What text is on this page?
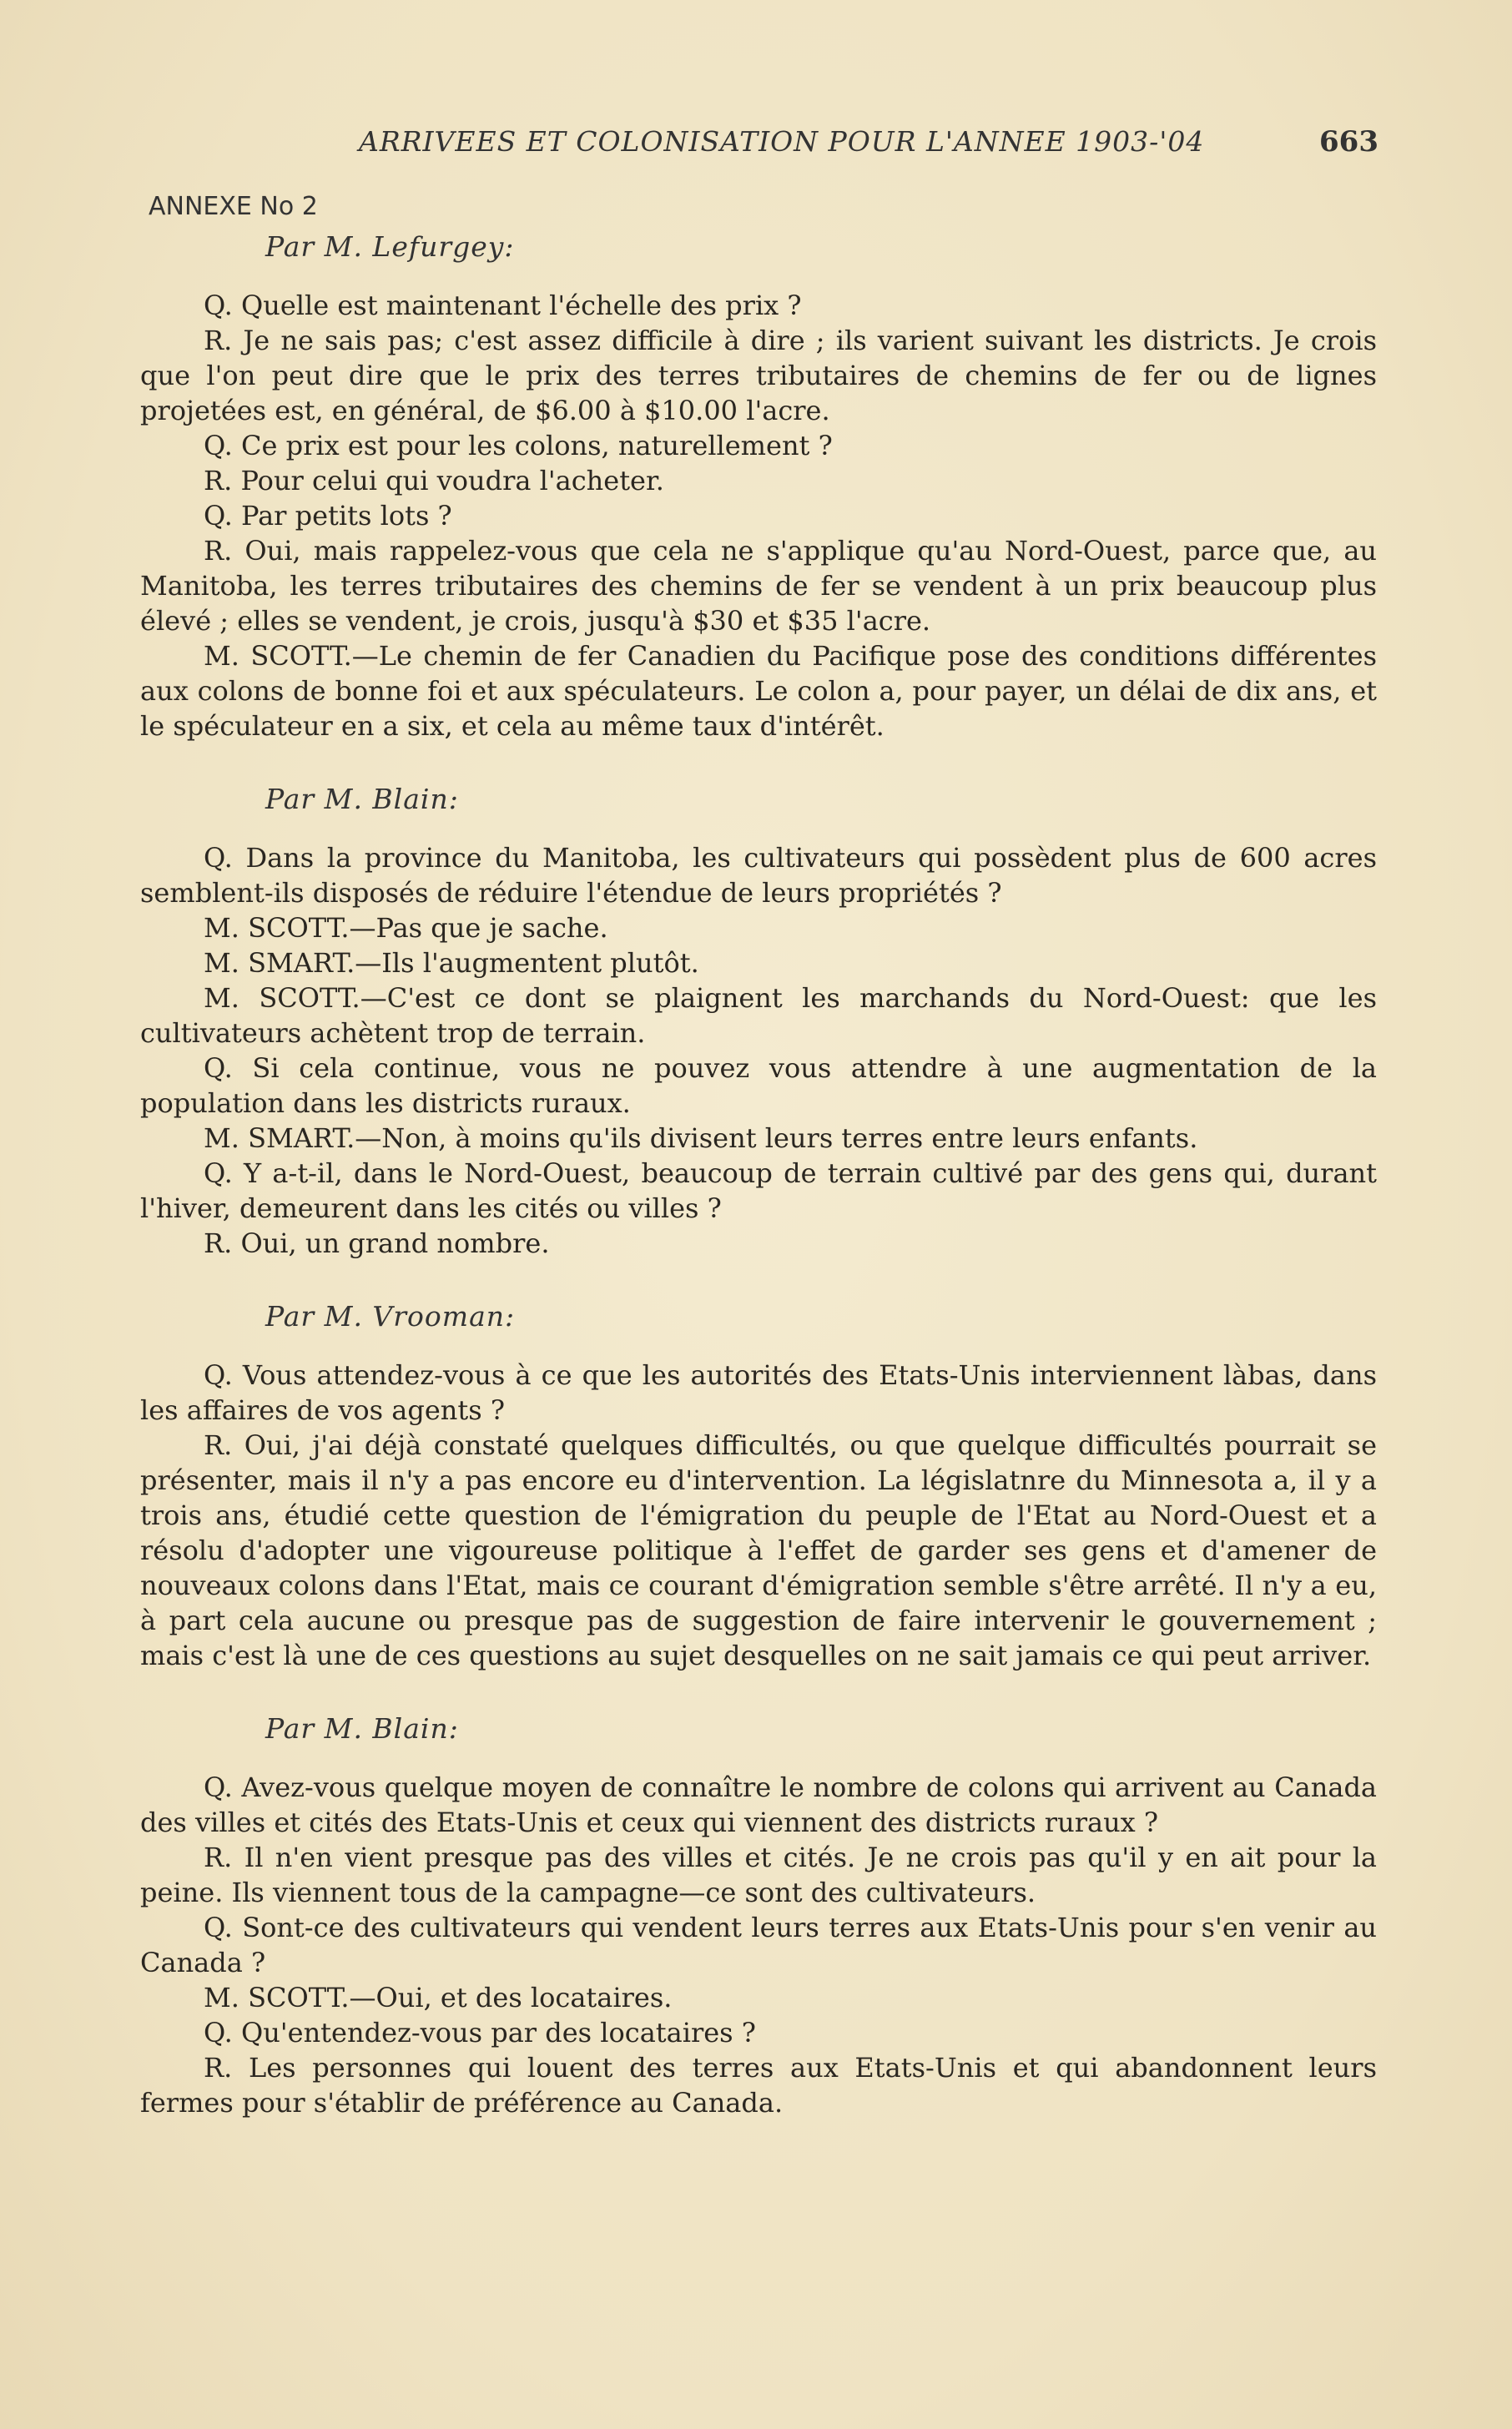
ARRIVEES ET COLONISATION POUR L'ANNEE 1903-'04	663
ANNEXE No 2
Par M. Lefurgey:

Q. Quelle est maintenant l'échelle des prix ?

R. Je ne sais pas; c'est assez difficile à dire ; ils varient suivant les districts. Je crois que l'on peut dire que le prix des terres tributaires de chemins de fer ou de lignes projetées est, en général, de $6.00 à $10.00 l'acre.

Q. Ce prix est pour les colons, naturellement ?

R. Pour celui qui voudra l'acheter.

Q. Par petits lots ?

R. Oui, mais rappelez-vous que cela ne s'applique qu'au Nord-Ouest, parce que, au Manitoba, les terres tributaires des chemins de fer se vendent à un prix beaucoup plus élevé ; elles se vendent, je crois, jusqu'à $30 et $35 l'acre.

M. SCOTT.—Le chemin de fer Canadien du Pacifique pose des conditions différentes aux colons de bonne foi et aux spéculateurs. Le colon a, pour payer, un délai de dix ans, et le spéculateur en a six, et cela au même taux d'intérêt.

Par M. Blain:

Q. Dans la province du Manitoba, les cultivateurs qui possèdent plus de 600 acres semblent-ils disposés de réduire l'étendue de leurs propriétés ?

M. SCOTT.—Pas que je sache.

M. SMART.—Ils l'augmentent plutôt.

M. SCOTT.—C'est ce dont se plaignent les marchands du Nord-Ouest: que les cultivateurs achètent trop de terrain.

Q. Si cela continue, vous ne pouvez vous attendre à une augmentation de la population dans les districts ruraux.

M. SMART.—Non, à moins qu'ils divisent leurs terres entre leurs enfants.

Q. Y a-t-il, dans le Nord-Ouest, beaucoup de terrain cultivé par des gens qui, durant l'hiver, demeurent dans les cités ou villes ?

R. Oui, un grand nombre.

Par M. Vrooman:

Q. Vous attendez-vous à ce que les autorités des Etats-Unis interviennent làbas, dans les affaires de vos agents ?

R. Oui, j'ai déjà constaté quelques difficultés, ou que quelque difficultés pourrait se présenter, mais il n'y a pas encore eu d'intervention. La législatnre du Minnesota a, il y a trois ans, étudié cette question de l'émigration du peuple de l'Etat au Nord-Ouest et a résolu d'adopter une vigoureuse politique à l'effet de garder ses gens et d'amener de nouveaux colons dans l'Etat, mais ce courant d'émigration semble s'être arrêté. Il n'y a eu, à part cela aucune ou presque pas de suggestion de faire intervenir le gouvernement ; mais c'est là une de ces questions au sujet desquelles on ne sait jamais ce qui peut arriver.

Par M. Blain:

Q. Avez-vous quelque moyen de connaître le nombre de colons qui arrivent au Canada des villes et cités des Etats-Unis et ceux qui viennent des districts ruraux ?

R. Il n'en vient presque pas des villes et cités. Je ne crois pas qu'il y en ait pour la peine. Ils viennent tous de la campagne—ce sont des cultivateurs.

Q. Sont-ce des cultivateurs qui vendent leurs terres aux Etats-Unis pour s'en venir au Canada ?

M. SCOTT.—Oui, et des locataires.

Q. Qu'entendez-vous par des locataires ?

R. Les personnes qui louent des terres aux Etats-Unis et qui abandonnent leurs fermes pour s'établir de préférence au Canada.
